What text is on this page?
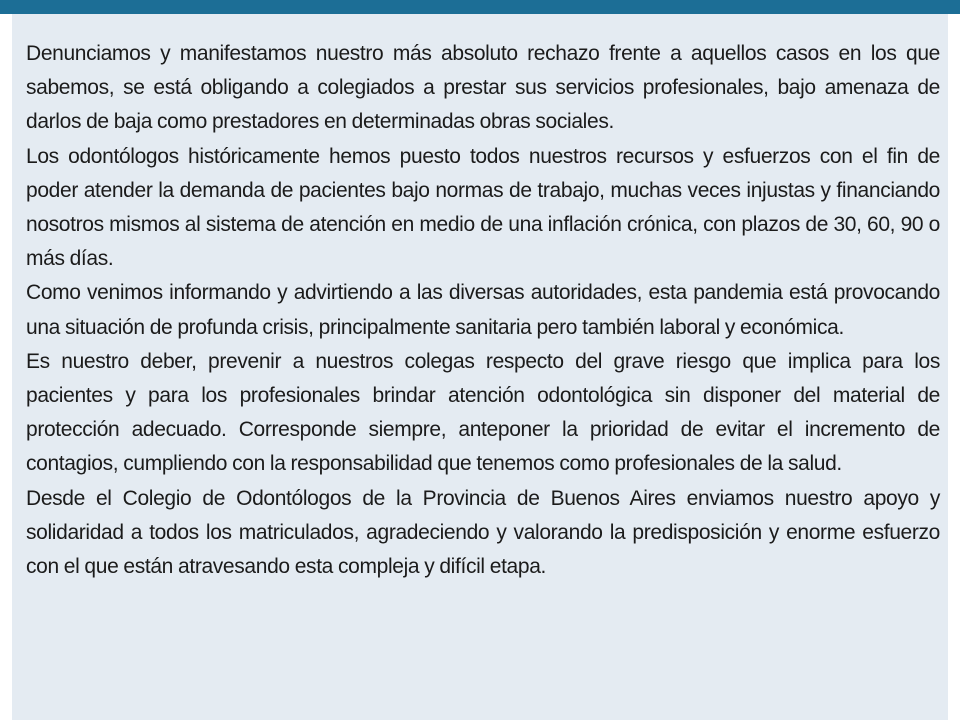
Denunciamos y manifestamos nuestro más absoluto rechazo frente a aquellos casos en los que sabemos, se está obligando a colegiados a prestar sus servicios profesionales, bajo amenaza de darlos de baja como prestadores en determinadas obras sociales.

Los odontólogos históricamente hemos puesto todos nuestros recursos y esfuerzos con el fin de poder atender la demanda de pacientes bajo normas de trabajo, muchas veces injustas y financiando nosotros mismos al sistema de atención en medio de una inflación crónica, con plazos de 30, 60, 90 o más días.

Como venimos informando y advirtiendo a las diversas autoridades, esta pandemia está provocando una situación de profunda crisis, principalmente sanitaria pero también laboral y económica.

Es nuestro deber, prevenir a nuestros colegas respecto del grave riesgo que implica para los pacientes y para los profesionales brindar atención odontológica sin disponer del material de protección adecuado. Corresponde siempre, anteponer la prioridad de evitar el incremento de contagios, cumpliendo con la responsabilidad que tenemos como profesionales de la salud.

Desde el Colegio de Odontólogos de la Provincia de Buenos Aires enviamos nuestro apoyo y solidaridad a todos los matriculados, agradeciendo y valorando la predisposición y enorme esfuerzo con el que están atravesando esta compleja y difícil etapa.
